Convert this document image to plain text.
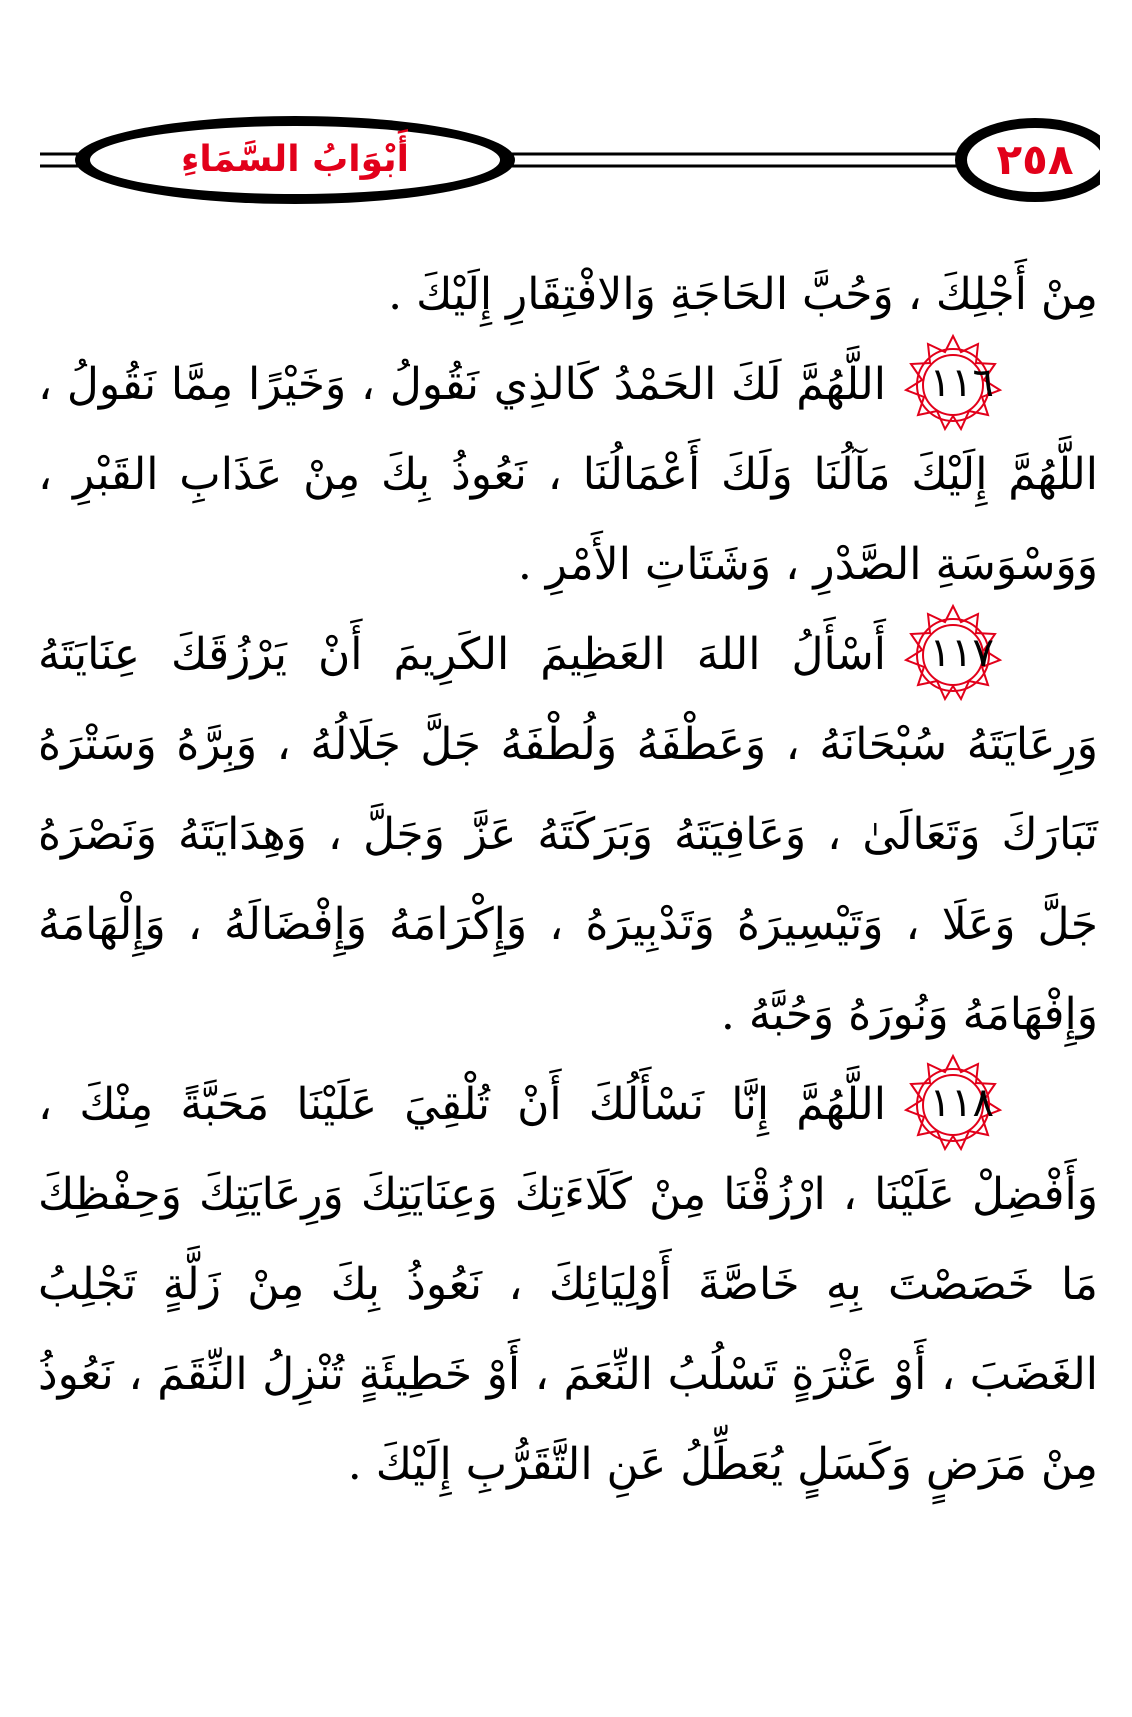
أَبْوَابُ السَّمَاءِ	٢٥٨

مِنْ أَجْلِكَ ، وَحُبَّ الحَاجَةِ وَالافْتِقَارِ إِلَيْكَ .

١١٦
اللَّهُمَّ لَكَ الحَمْدُ كَالذِي نَقُولُ ، وَخَيْرًا مِمَّا نَقُولُ ، اللَّهُمَّ إِلَيْكَ مَآلُنَا وَلَكَ أَعْمَالُنَا ، نَعُوذُ بِكَ مِنْ عَذَابِ القَبْرِ ، وَوَسْوَسَةِ الصَّدْرِ ، وَشَتَاتِ الأَمْرِ .

١١٧
أَسْأَلُ اللهَ العَظِيمَ الكَرِيمَ أَنْ يَرْزُقَكَ عِنَايَتَهُ وَرِعَايَتَهُ سُبْحَانَهُ ، وَعَطْفَهُ وَلُطْفَهُ جَلَّ جَلَالُهُ ، وَبِرَّهُ وَسَتْرَهُ تَبَارَكَ وَتَعَالَىٰ ، وَعَافِيَتَهُ وَبَرَكَتَهُ عَزَّ وَجَلَّ ، وَهِدَايَتَهُ وَنَصْرَهُ جَلَّ وَعَلَا ، وَتَيْسِيرَهُ وَتَدْبِيرَهُ ، وَإِكْرَامَهُ وَإِفْضَالَهُ ، وَإِلْهَامَهُ وَإِفْهَامَهُ وَنُورَهُ وَحُبَّهُ .

١١٨
اللَّهُمَّ إِنَّا نَسْأَلُكَ أَنْ تُلْقِيَ عَلَيْنَا مَحَبَّةً مِنْكَ ، وَأَفْضِلْ عَلَيْنَا ، ارْزُقْنَا مِنْ كَلَاءَتِكَ وَعِنَايَتِكَ وَرِعَايَتِكَ وَحِفْظِكَ مَا خَصَصْتَ بِهِ خَاصَّةَ أَوْلِيَائِكَ ، نَعُوذُ بِكَ مِنْ زَلَّةٍ تَجْلِبُ الغَضَبَ ، أَوْ عَثْرَةٍ تَسْلُبُ النِّعَمَ ، أَوْ خَطِيئَةٍ تُنْزِلُ النِّقَمَ ، نَعُوذُ مِنْ مَرَضٍ وَكَسَلٍ يُعَطِّلُ عَنِ التَّقَرُّبِ إِلَيْكَ .
